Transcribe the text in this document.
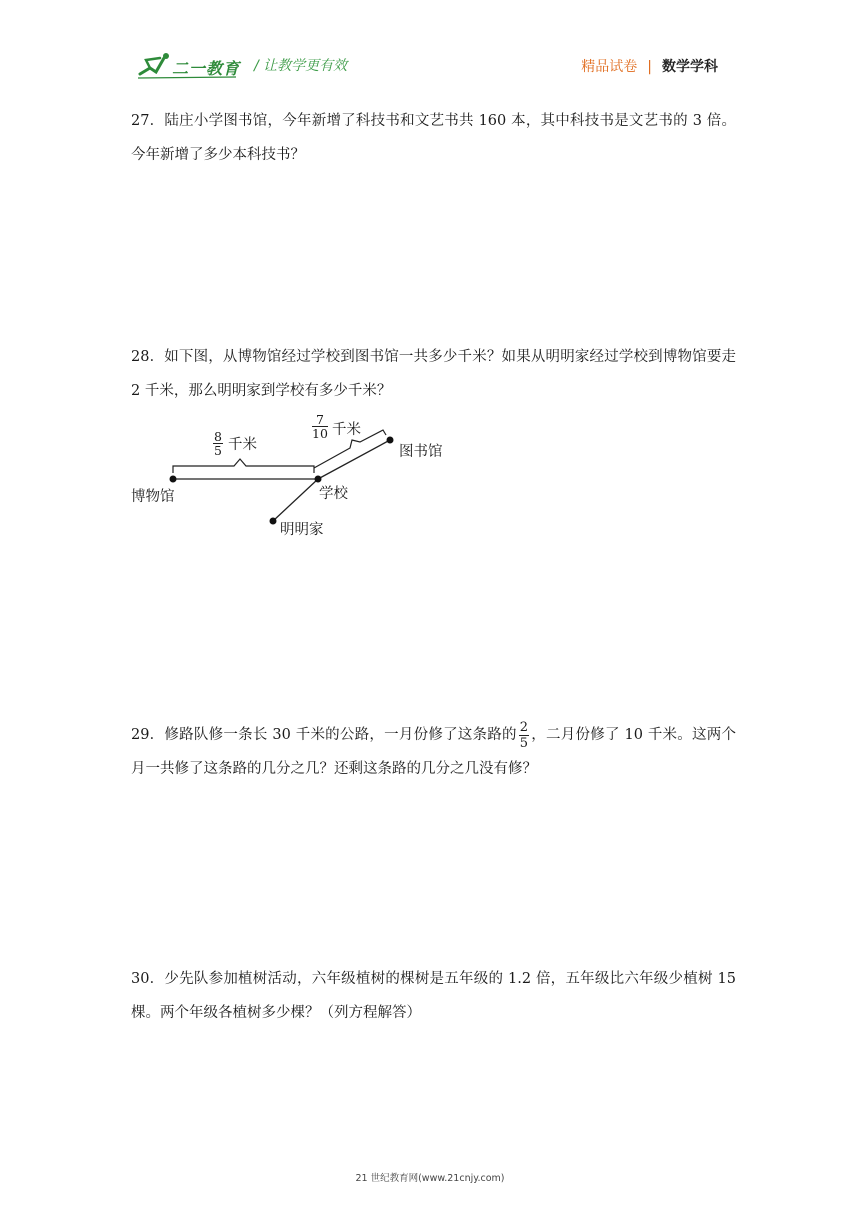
二一教育 / 让教学更有效	精品试卷 | 数学学科
27．陆庄小学图书馆，今年新增了科技书和文艺书共 160 本，其中科技书是文艺书的 3 倍。今年新增了多少本科技书？
28．如下图，从博物馆经过学校到图书馆一共多少千米？如果从明明家经过学校到博物馆要走 2 千米，那么明明家到学校有多少千米？
$\frac{8}{5}$ 千米
$\frac{7}{10}$ 千米
博物馆	学校
图书馆
明明家
29．修路队修一条长 30 千米的公路，一月份修了这条路的 $\frac{2}{5}$ ，二月份修了 10 千米。这两个月一共修了这条路的几分之几？还剩这条路的几分之几没有修？
30．少先队参加植树活动，六年级植树的棵树是五年级的 1.2 倍，五年级比六年级少植树 15 棵。两个年级各植树多少棵？（列方程解答）
21 世纪教育网(www.21cnjy.com)
